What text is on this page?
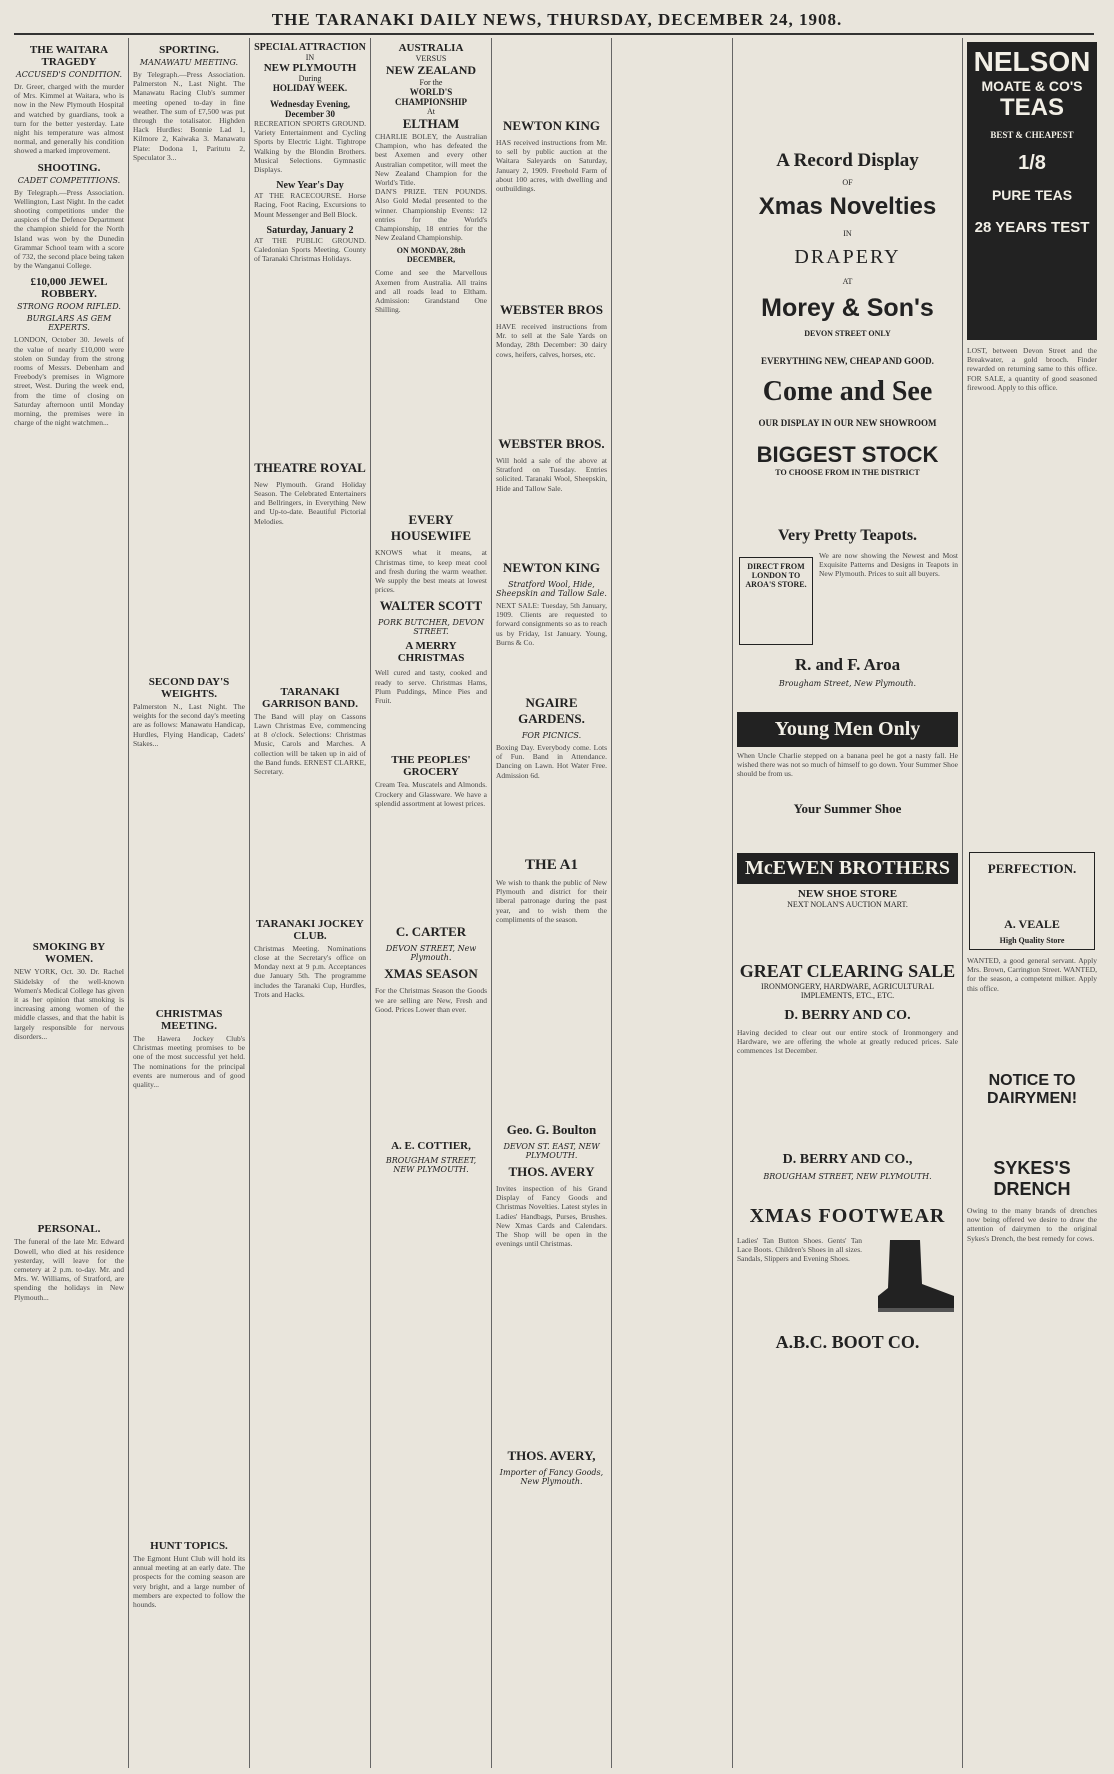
THE TARANAKI DAILY NEWS, THURSDAY, DECEMBER 24, 1908.
THE WAITARA TRAGEDY
ACCUSED'S CONDITION.

Dr. Greer, charged with the murder of Mrs. Kimmel at Waitara, who is now in the New Plymouth Hospital and watched by guardians, took a turn for the better yesterday. Late night his temperature was almost normal, and generally his condition showed a marked improvement.

SHOOTING.
CADET COMPETITIONS.

By Telegraph.—Press Association. Wellington, Last Night. In the cadet shooting competitions under the auspices of the Defence Department the champion shield for the North Island was won by the Dunedin Grammar School team with a score of 732, the second place being taken by the Wanganui College.

£10,000 JEWEL ROBBERY.
STRONG ROOM RIFLED.
BURGLARS AS GEM EXPERTS.

LONDON, October 30. Jewels of the value of nearly £10,000 were stolen on Sunday from the strong rooms of Messrs. Debenham and Freebody's premises in Wigmore street, West. During the week end, from the time of closing on Saturday afternoon until Monday morning, the premises were in charge of the night watchmen...

SMOKING BY WOMEN.

NEW YORK, Oct. 30. Dr. Rachel Skidelsky of the well-known Women's Medical College has given it as her opinion that smoking is increasing among women of the middle classes, and that the habit is largely responsible for nervous disorders...

PERSONAL.

The funeral of the late Mr. Edward Dowell, who died at his residence yesterday, will leave for the cemetery at 2 p.m. to-day. Mr. and Mrs. W. Williams, of Stratford, are spending the holidays in New Plymouth...

SPORTING.
MANAWATU MEETING.

By Telegraph.—Press Association. Palmerston N., Last Night. The Manawatu Racing Club's summer meeting opened to-day in fine weather. The sum of £7,500 was put through the totalisator. Highden Hack Hurdles: Bonnie Lad 1, Kilmore 2, Kaiwaka 3. Manawatu Plate: Dodona 1, Paritutu 2, Speculator 3...

SECOND DAY'S WEIGHTS.

Palmerston N., Last Night. The weights for the second day's meeting are as follows: Manawatu Handicap, Hurdles, Flying Handicap, Cadets' Stakes...

CHRISTMAS MEETING.

The Hawera Jockey Club's Christmas meeting promises to be one of the most successful yet held. The nominations for the principal events are numerous and of good quality...

HUNT TOPICS.

The Egmont Hunt Club will hold its annual meeting at an early date. The prospects for the coming season are very bright, and a large number of members are expected to follow the hounds.

SPECIAL ATTRACTION
IN
NEW PLYMOUTH
During
HOLIDAY WEEK.
Wednesday Evening, December 30

RECREATION SPORTS GROUND. Variety Entertainment and Cycling Sports by Electric Light. Tightrope Walking by the Blondin Brothers. Musical Selections. Gymnastic Displays.

New Year's Day

AT THE RACECOURSE. Horse Racing, Foot Racing, Excursions to Mount Messenger and Bell Block.

Saturday, January 2

AT THE PUBLIC GROUND. Caledonian Sports Meeting. County of Taranaki Christmas Holidays.

THEATRE ROYAL

New Plymouth. Grand Holiday Season. The Celebrated Entertainers and Bellringers, in Everything New and Up-to-date. Beautiful Pictorial Melodies.

TARANAKI GARRISON BAND.

The Band will play on Cassons Lawn Christmas Eve, commencing at 8 o'clock. Selections: Christmas Music, Carols and Marches. A collection will be taken up in aid of the Band funds. ERNEST CLARKE, Secretary.

TARANAKI JOCKEY CLUB.

Christmas Meeting. Nominations close at the Secretary's office on Monday next at 9 p.m. Acceptances due January 5th. The programme includes the Taranaki Cup, Hurdles, Trots and Hacks.

AUSTRALIA
VERSUS
NEW ZEALAND
For the
WORLD'S CHAMPIONSHIP
At
ELTHAM

CHARLIE BOLEY, the Australian Champion, who has defeated the best Axemen and every other Australian competitor, will meet the New Zealand Champion for the World's Title.

DAN'S PRIZE. TEN POUNDS. Also Gold Medal presented to the winner. Championship Events: 12 entries for the World's Championship, 18 entries for the New Zealand Championship.

ON MONDAY, 28th DECEMBER,

Come and see the Marvellous Axemen from Australia. All trains and all roads lead to Eltham. Admission: Grandstand One Shilling.

EVERY HOUSEWIFE

KNOWS what it means, at Christmas time, to keep meat cool and fresh during the warm weather. We supply the best meats at lowest prices.

WALTER SCOTT
PORK BUTCHER, DEVON STREET.
A MERRY CHRISTMAS

Well cured and tasty, cooked and ready to serve. Christmas Hams, Plum Puddings, Mince Pies and Fruit.

THE PEOPLES' GROCERY

Cream Tea. Muscatels and Almonds. Crockery and Glassware. We have a splendid assortment at lowest prices.

C. CARTER
DEVON STREET, New Plymouth.
XMAS SEASON

For the Christmas Season the Goods we are selling are New, Fresh and Good. Prices Lower than ever.

A. E. COTTIER,
BROUGHAM STREET, NEW PLYMOUTH.
NEWTON KING

HAS received instructions from Mr. to sell by public auction at the Waitara Saleyards on Saturday, January 2, 1909. Freehold Farm of about 100 acres, with dwelling and outbuildings.

WEBSTER BROS

HAVE received instructions from Mr. to sell at the Sale Yards on Monday, 28th December: 30 dairy cows, heifers, calves, horses, etc.

WEBSTER BROS.

Will hold a sale of the above at Stratford on Tuesday. Entries solicited. Taranaki Wool, Sheepskin, Hide and Tallow Sale.

NEWTON KING
Stratford Wool, Hide, Sheepskin and Tallow Sale.

NEXT SALE: Tuesday, 5th January, 1909. Clients are requested to forward consignments so as to reach us by Friday, 1st January. Young, Burns & Co.

NGAIRE GARDENS.
FOR PICNICS.

Boxing Day. Everybody come. Lots of Fun. Band in Attendance. Dancing on Lawn. Hot Water Free. Admission 6d.

THE A1

We wish to thank the public of New Plymouth and district for their liberal patronage during the past year, and to wish them the compliments of the season.

Geo. G. Boulton
DEVON ST. EAST, NEW PLYMOUTH.
THOS. AVERY

Invites inspection of his Grand Display of Fancy Goods and Christmas Novelties. Latest styles in Ladies' Handbags, Purses, Brushes. New Xmas Cards and Calendars. The Shop will be open in the evenings until Christmas.

THOS. AVERY,
Importer of Fancy Goods, New Plymouth.
A Record Display
OF
Xmas Novelties
IN
DRAPERY
AT
Morey & Son's
DEVON STREET ONLY
EVERYTHING NEW, CHEAP AND GOOD.
Come and See
OUR DISPLAY IN OUR NEW SHOWROOM
BIGGEST STOCK
TO CHOOSE FROM IN THE DISTRICT
Very Pretty Teapots.
DIRECT FROM LONDON TO AROA'S STORE.

We are now showing the Newest and Most Exquisite Patterns and Designs in Teapots in New Plymouth. Prices to suit all buyers.

R. and F. Aroa
Brougham Street, New Plymouth.
Young Men Only

When Uncle Charlie stepped on a banana peel he got a nasty fall. He wished there was not so much of himself to go down. Your Summer Shoe should be from us.

Your Summer Shoe
McEWEN BROTHERS
NEW SHOE STORE
NEXT NOLAN'S AUCTION MART.
GREAT CLEARING SALE
IRONMONGERY, HARDWARE, AGRICULTURAL IMPLEMENTS, ETC., ETC.
D. BERRY AND CO.

Having decided to clear out our entire stock of Ironmongery and Hardware, we are offering the whole at greatly reduced prices. Sale commences 1st December.

D. BERRY AND CO.,
BROUGHAM STREET, NEW PLYMOUTH.
XMAS FOOTWEAR

Ladies' Tan Button Shoes. Gents' Tan Lace Boots. Children's Shoes in all sizes. Sandals, Slippers and Evening Shoes.

A.B.C. BOOT CO.
NELSON
MOATE & CO'S
TEAS
BEST & CHEAPEST
1/8
PURE TEAS
28 YEARS TEST

LOST, between Devon Street and the Breakwater, a gold brooch. Finder rewarded on returning same to this office. FOR SALE, a quantity of good seasoned firewood. Apply to this office.

PERFECTION.
A. VEALE
High Quality Store

WANTED, a good general servant. Apply Mrs. Brown, Carrington Street. WANTED, for the season, a competent milker. Apply this office.

NOTICE TO DAIRYMEN!
SYKES'S DRENCH

Owing to the many brands of drenches now being offered we desire to draw the attention of dairymen to the original Sykes's Drench, the best remedy for cows.
